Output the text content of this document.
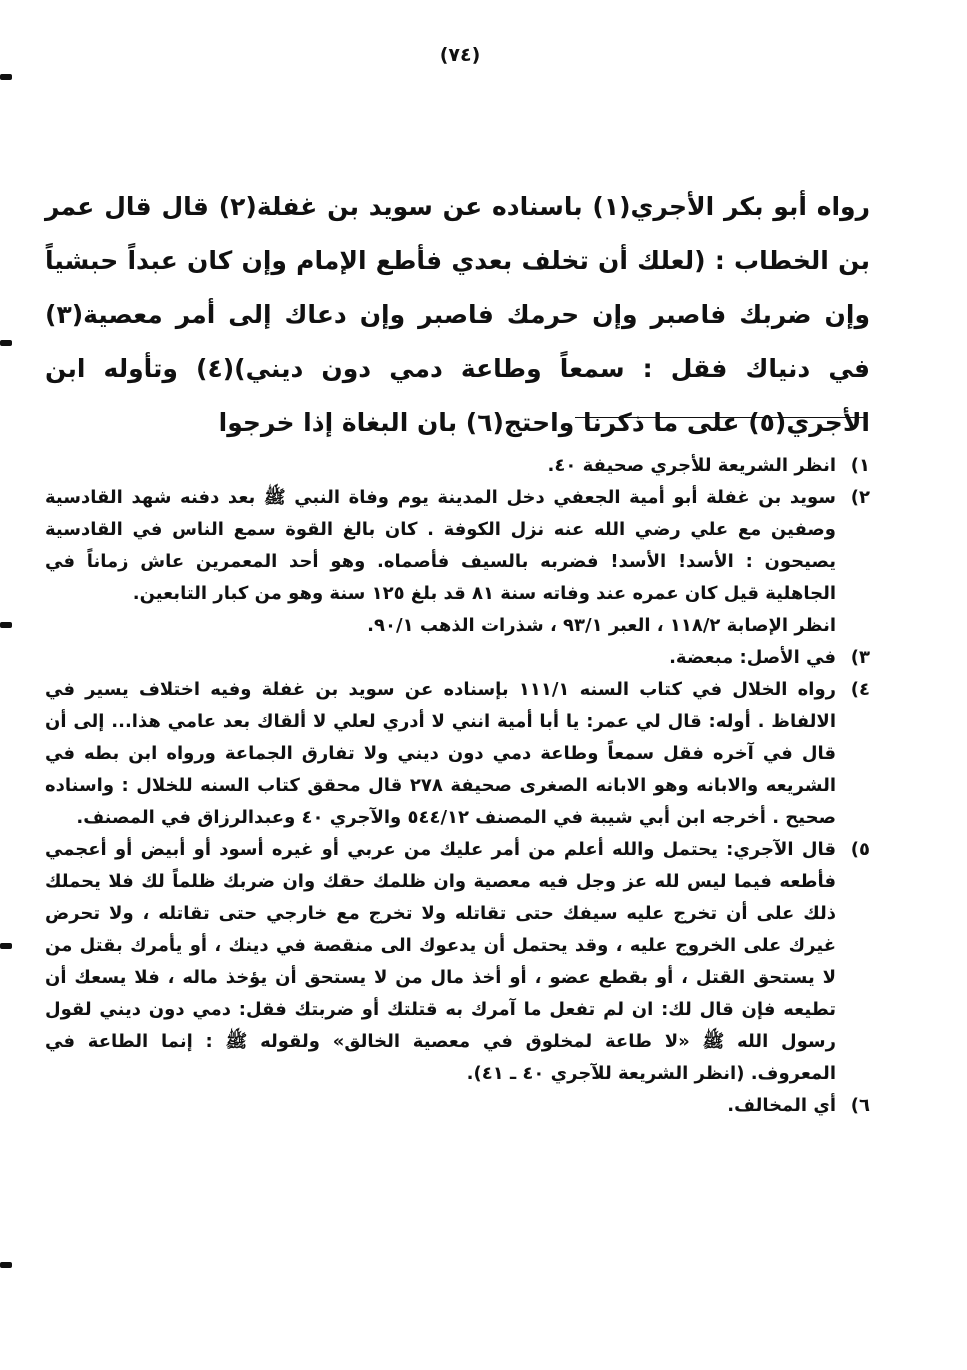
(٧٤)

رواه أبو بكر الأجري(١) باسناده عن سويد بن غفلة(٢) قال قال عمر بن الخطاب : (لعلك أن تخلف بعدي فأطع الإمام وإن كان عبداً حبشياً وإن ضربك فاصبر وإن حرمك فاصبر وإن دعاك إلى أمر معصية(٣) في دنياك فقل : سمعاً وطاعة دمي دون ديني)(٤) وتأوله ابن الأجري(٥) على ما ذكرنا واحتج(٦) بان البغاة إذا خرجوا

١)

انظر الشريعة للأجري صحيفة ٤٠.

٢)

سويد بن غفلة أبو أمية الجعفي دخل المدينة يوم وفاة النبي ﷺ بعد دفنه شهد القادسية وصفين مع علي رضي الله عنه نزل الكوفة . كان بالغ القوة سمع الناس في القادسية يصيحون : الأسد! الأسد! فضربه بالسيف فأصماه. وهو أحد المعمرين عاش زماناً في الجاهلية قيل كان عمره عند وفاته سنة ٨١ قد بلغ ١٢٥ سنة وهو من كبار التابعين.

انظر الإصابة ١١٨/٢ ، العبر ٩٣/١ ، شذرات الذهب ٩٠/١.

٣)

في الأصل: مبعضة.

٤)

رواه الخلال في كتاب السنه ١١١/١ بإسناده عن سويد بن غفلة وفيه اختلاف يسير في الالفاظ . أوله: قال لي عمر: يا أبا أمية انني لا أدري لعلي لا ألقاك بعد عامي هذا... إلى أن قال في آخره فقل سمعاً وطاعة دمي دون ديني ولا تفارق الجماعة ورواه ابن بطه في الشريعه والابانه وهو الابانه الصغرى صحيفة ٢٧٨ قال محقق كتاب السنه للخلال : واسناده صحيح . أخرجه ابن أبي شيبة في المصنف ٥٤٤/١٢ والآجري ٤٠ وعبدالرزاق في المصنف.

٥)

قال الآجري: يحتمل والله أعلم من أمر عليك من عربي أو غيره أسود أو أبيض أو أعجمي فأطعه فيما ليس لله عز وجل فيه معصية وان ظلمك حقك وان ضربك ظلماً لك فلا يحملك ذلك على أن تخرج عليه سيفك حتى تقاتله ولا تخرج مع خارجي حتى تقاتله ، ولا تحرض غيرك على الخروج عليه ، وقد يحتمل أن يدعوك الى منقصة في دينك ، أو يأمرك بقتل من لا يستحق القتل ، أو بقطع عضو ، أو أخذ مال من لا يستحق أن يؤخذ ماله ، فلا يسعك أن تطيعه فإن قال لك: ان لم تفعل ما آمرك به قتلتك أو ضربتك فقل: دمي دون ديني لقول رسول الله ﷺ «لا طاعة لمخلوق في معصية الخالق» ولقوله ﷺ : إنما الطاعة في المعروف. (انظر الشريعة للآجري ٤٠ ـ ٤١).

٦)

أي المخالف.
